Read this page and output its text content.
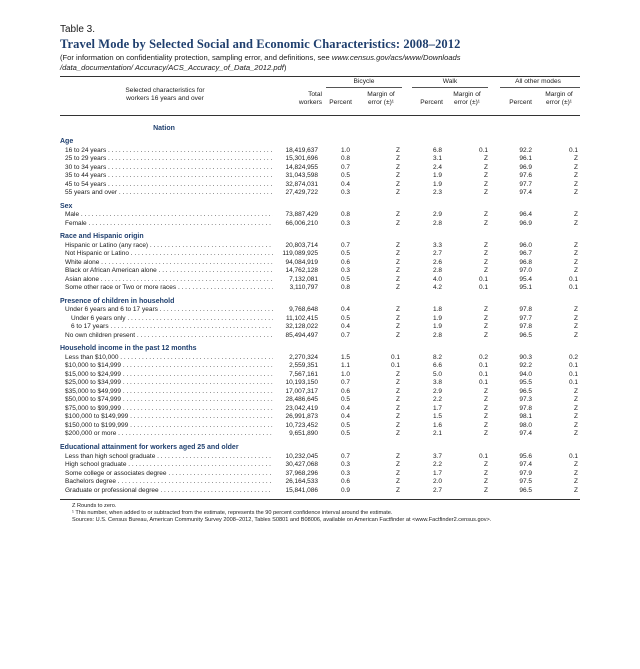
Table 3.
Travel Mode by Selected Social and Economic Characteristics: 2008–2012
(For information on confidentiality protection, sampling error, and definitions, see www.census.gov/acs/www/Downloads
/data_documentation/ Accuracy/ACS_Accuracy_of_Data_2012.pdf)
Selected characteristics for
workers 16 years and over
Total
workers
Bicycle	Walk	All other modes
Percent
Margin of
error (±)¹	Percent
Margin of
error (±)¹	Percent
Margin of
error (±)¹
Nation
Age
16 to 24 years . . .	18,419,637	1.0	Z	6.8	0.1	92.2	0.1
25 to 29 years . . .	15,301,696	0.8	Z	3.1	Z	96.1	Z
30 to 34 years . . .	14,824,955	0.7	Z	2.4	Z	96.9	Z
35 to 44 years . . .	31,043,598	0.5	Z	1.9	Z	97.6	Z
45 to 54 years . . .	32,874,031	0.4	Z	1.9	Z	97.7	Z
55 years and over . . .	27,429,722	0.3	Z	2.3	Z	97.4	Z
Sex
Male . . .	73,887,429	0.8	Z	2.9	Z	96.4	Z
Female . . .	66,006,210	0.3	Z	2.8	Z	96.9	Z
Race and Hispanic origin
Hispanic or Latino (any race) . . .	20,803,714	0.7	Z	3.3	Z	96.0	Z
Not Hispanic or Latino . . .	119,089,925	0.5	Z	2.7	Z	96.7	Z
White alone . . .	94,084,919	0.6	Z	2.6	Z	96.8	Z
Black or African American alone . . .	14,762,128	0.3	Z	2.8	Z	97.0	Z
Asian alone . . .	7,132,081	0.5	Z	4.0	0.1	95.4	0.1
Some other race or Two or more races . . .	3,110,797	0.8	Z	4.2	0.1	95.1	0.1
Presence of children in household
Under 6 years and 6 to 17 years . . .	9,768,648	0.4	Z	1.8	Z	97.8	Z
Under 6 years only . . .	11,102,415	0.5	Z	1.9	Z	97.7	Z
6 to 17 years . . .	32,128,022	0.4	Z	1.9	Z	97.8	Z
No own children present . . .	85,494,497	0.7	Z	2.8	Z	96.5	Z
Household income in the past 12 months
Less than $10,000 . . .	2,270,324	1.5	0.1	8.2	0.2	90.3	0.2
$10,000 to $14,999 . . .	2,559,351	1.1	0.1	6.6	0.1	92.2	0.1
$15,000 to $24,999 . . .	7,567,161	1.0	Z	5.0	0.1	94.0	0.1
$25,000 to $34,999 . . .	10,193,150	0.7	Z	3.8	0.1	95.5	0.1
$35,000 to $49,999 . . .	17,007,317	0.6	Z	2.9	Z	96.5	Z
$50,000 to $74,999 . . .	28,486,645	0.5	Z	2.2	Z	97.3	Z
$75,000 to $99,999 . . .	23,042,419	0.4	Z	1.7	Z	97.8	Z
$100,000 to $149,999 . . .	26,991,873	0.4	Z	1.5	Z	98.1	Z
$150,000 to $199,999 . . .	10,723,452	0.5	Z	1.6	Z	98.0	Z
$200,000 or more . . .	9,651,890	0.5	Z	2.1	Z	97.4	Z
Educational attainment for workers aged 25 and older
Less than high school graduate . . .	10,232,045	0.7	Z	3.7	0.1	95.6	0.1
High school graduate . . .	30,427,068	0.3	Z	2.2	Z	97.4	Z
Some college or associates degree . . .	37,968,296	0.3	Z	1.7	Z	97.9	Z
Bachelors degree . . .	26,164,533	0.6	Z	2.0	Z	97.5	Z
Graduate or professional degree . . .	15,841,086	0.9	Z	2.7	Z	96.5	Z
Z Rounds to zero.
¹ This number, when added to or subtracted from the estimate, represents the 90 percent confidence interval around the estimate.
Sources: U.S. Census Bureau, American Community Survey 2008–2012, Tables S0801 and B08006, available on American Factfinder at <www.Factfinder2.census.gov>.
